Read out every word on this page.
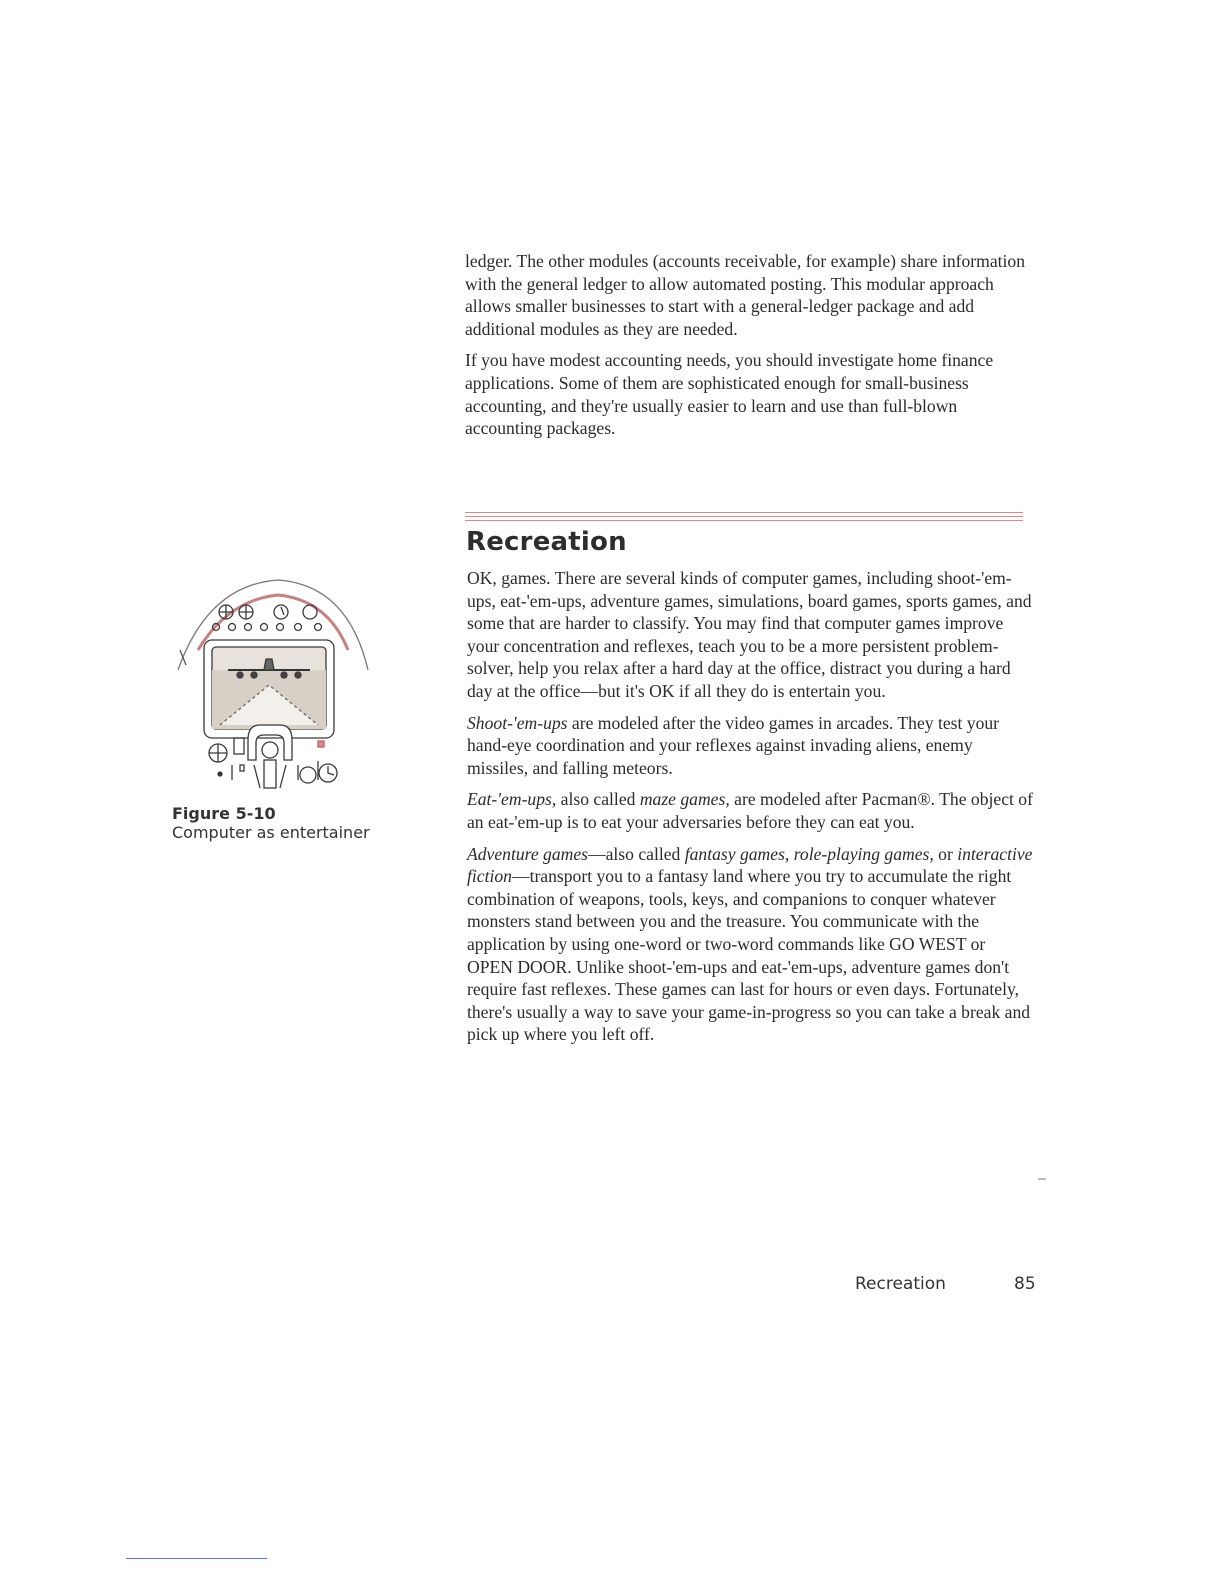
ledger. The other modules (accounts receivable, for example) share information with the general ledger to allow automated posting. This modular approach allows smaller businesses to start with a general-ledger package and add additional modules as they are needed.

If you have modest accounting needs, you should investigate home finance applications. Some of them are sophisticated enough for small-business accounting, and they're usually easier to learn and use than full-blown accounting packages.

Recreation

OK, games. There are several kinds of computer games, including shoot-'em-ups, eat-'em-ups, adventure games, simulations, board games, sports games, and some that are harder to classify. You may find that computer games improve your concentration and reflexes, teach you to be a more persistent problem-solver, help you relax after a hard day at the office, distract you during a hard day at the office—but it's OK if all they do is entertain you.

Shoot-'em-ups are modeled after the video games in arcades. They test your hand-eye coordination and your reflexes against invading aliens, enemy missiles, and falling meteors.

Eat-'em-ups, also called maze games, are modeled after Pacman®. The object of an eat-'em-up is to eat your adversaries before they can eat you.

Adventure games—also called fantasy games, role-playing games, or interactive fiction—transport you to a fantasy land where you try to accumulate the right combination of weapons, tools, keys, and companions to conquer whatever monsters stand between you and the treasure. You communicate with the application by using one-word or two-word commands like GO WEST or OPEN DOOR. Unlike shoot-'em-ups and eat-'em-ups, adventure games don't require fast reflexes. These games can last for hours or even days. Fortunately, there's usually a way to save your game-in-progress so you can take a break and pick up where you left off.

Figure 5-10
Computer as entertainer
Recreation	85
